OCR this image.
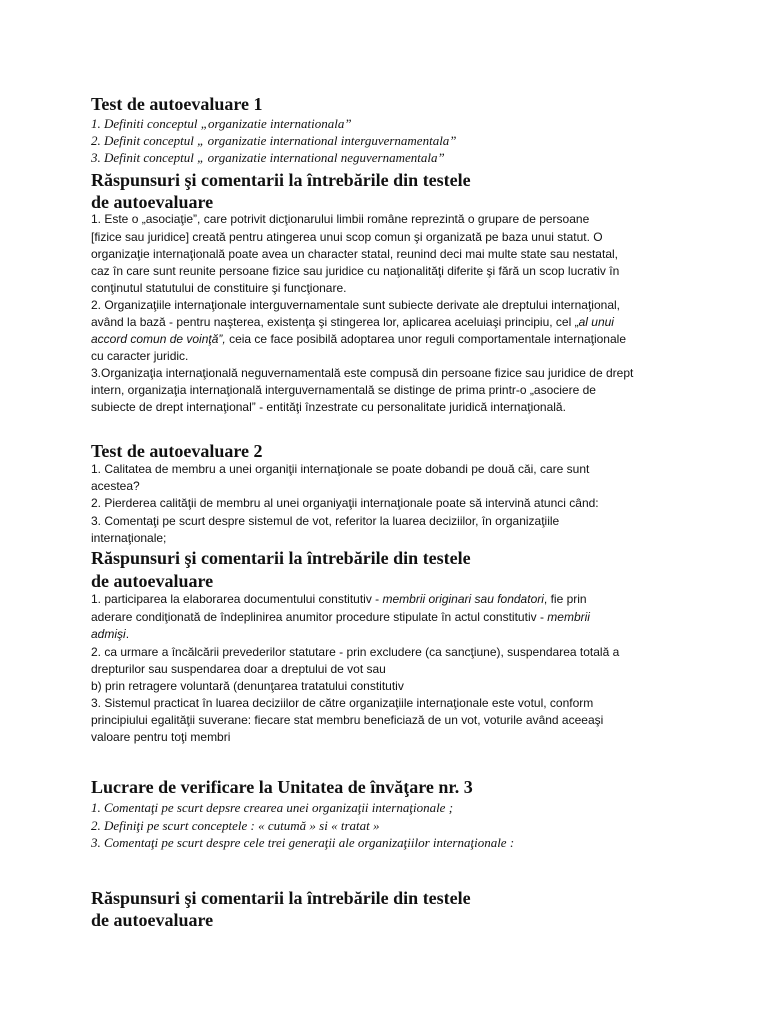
Test de autoevaluare 1

1. Definiti conceptul „organizatie internationala”

2. Definit conceptul „ organizatie international interguvernamentala”

3. Definit conceptul „ organizatie international neguvernamentala”

Răspunsuri şi comentarii la întrebările din testele
de autoevaluare

1. Este o „asociaţie”, care potrivit dicţionarului limbii române reprezintă o grupare de persoane

[fizice sau juridice] creată pentru atingerea unui scop comun şi organizată pe baza unui statut. O

organizaţie internaţională poate avea un character statal, reunind deci mai multe state sau nestatal,

caz în care sunt reunite persoane fizice sau juridice cu naţionalităţi diferite şi fără un scop lucrativ în

conţinutul statutului de constituire şi funcţionare.

2. Organizaţiile internaţionale interguvernamentale sunt subiecte derivate ale dreptului internaţional,

având la bază - pentru naşterea, existenţa şi stingerea lor, aplicarea aceluiaşi principiu, cel „al unui

accord comun de voinţă”, ceia ce face posibilă adoptarea unor reguli comportamentale internaţionale

cu caracter juridic.

3.Organizaţia internaţională neguvernamentală este compusă din persoane fizice sau juridice de drept

intern, organizaţia internaţională interguvernamentală se distinge de prima printr-o „asociere de

subiecte de drept internaţional” - entităţi înzestrate cu personalitate juridică internaţională.

Test de autoevaluare 2

1. Calitatea de membru a unei organiţii internaţionale se poate dobandi pe două căi, care sunt

acestea?

2. Pierderea calităţii de membru al unei organiyaţii internaţionale poate să intervină atunci când:

3. Comentaţi pe scurt despre sistemul de vot, referitor la luarea deciziilor, în organizaţiile

internaţionale;

Răspunsuri şi comentarii la întrebările din testele
de autoevaluare

1. participarea la elaborarea documentului constitutiv - membrii originari sau fondatori, fie prin

aderare condiţionată de îndeplinirea anumitor procedure stipulate în actul constitutiv - membrii

admişi.

2. ca urmare a încălcării prevederilor statutare - prin excludere (ca sancţiune), suspendarea totală a

drepturilor sau suspendarea doar a dreptului de vot sau

b) prin retragere voluntară (denunţarea tratatului constitutiv

3. Sistemul practicat în luarea deciziilor de către organizaţiile internaţionale este votul, conform

principiului egalităţii suverane: fiecare stat membru beneficiază de un vot, voturile având aceeaşi

valoare pentru toţi membri

Lucrare de verificare la Unitatea de învăţare nr. 3

1. Comentaţi pe scurt depsre crearea unei organizaţii internaţionale ;

2. Definiţi pe scurt conceptele : « cutumă » si « tratat »

3. Comentaţi pe scurt despre cele trei generaţii ale organizaţiilor internaţionale :

Răspunsuri şi comentarii la întrebările din testele
de autoevaluare
